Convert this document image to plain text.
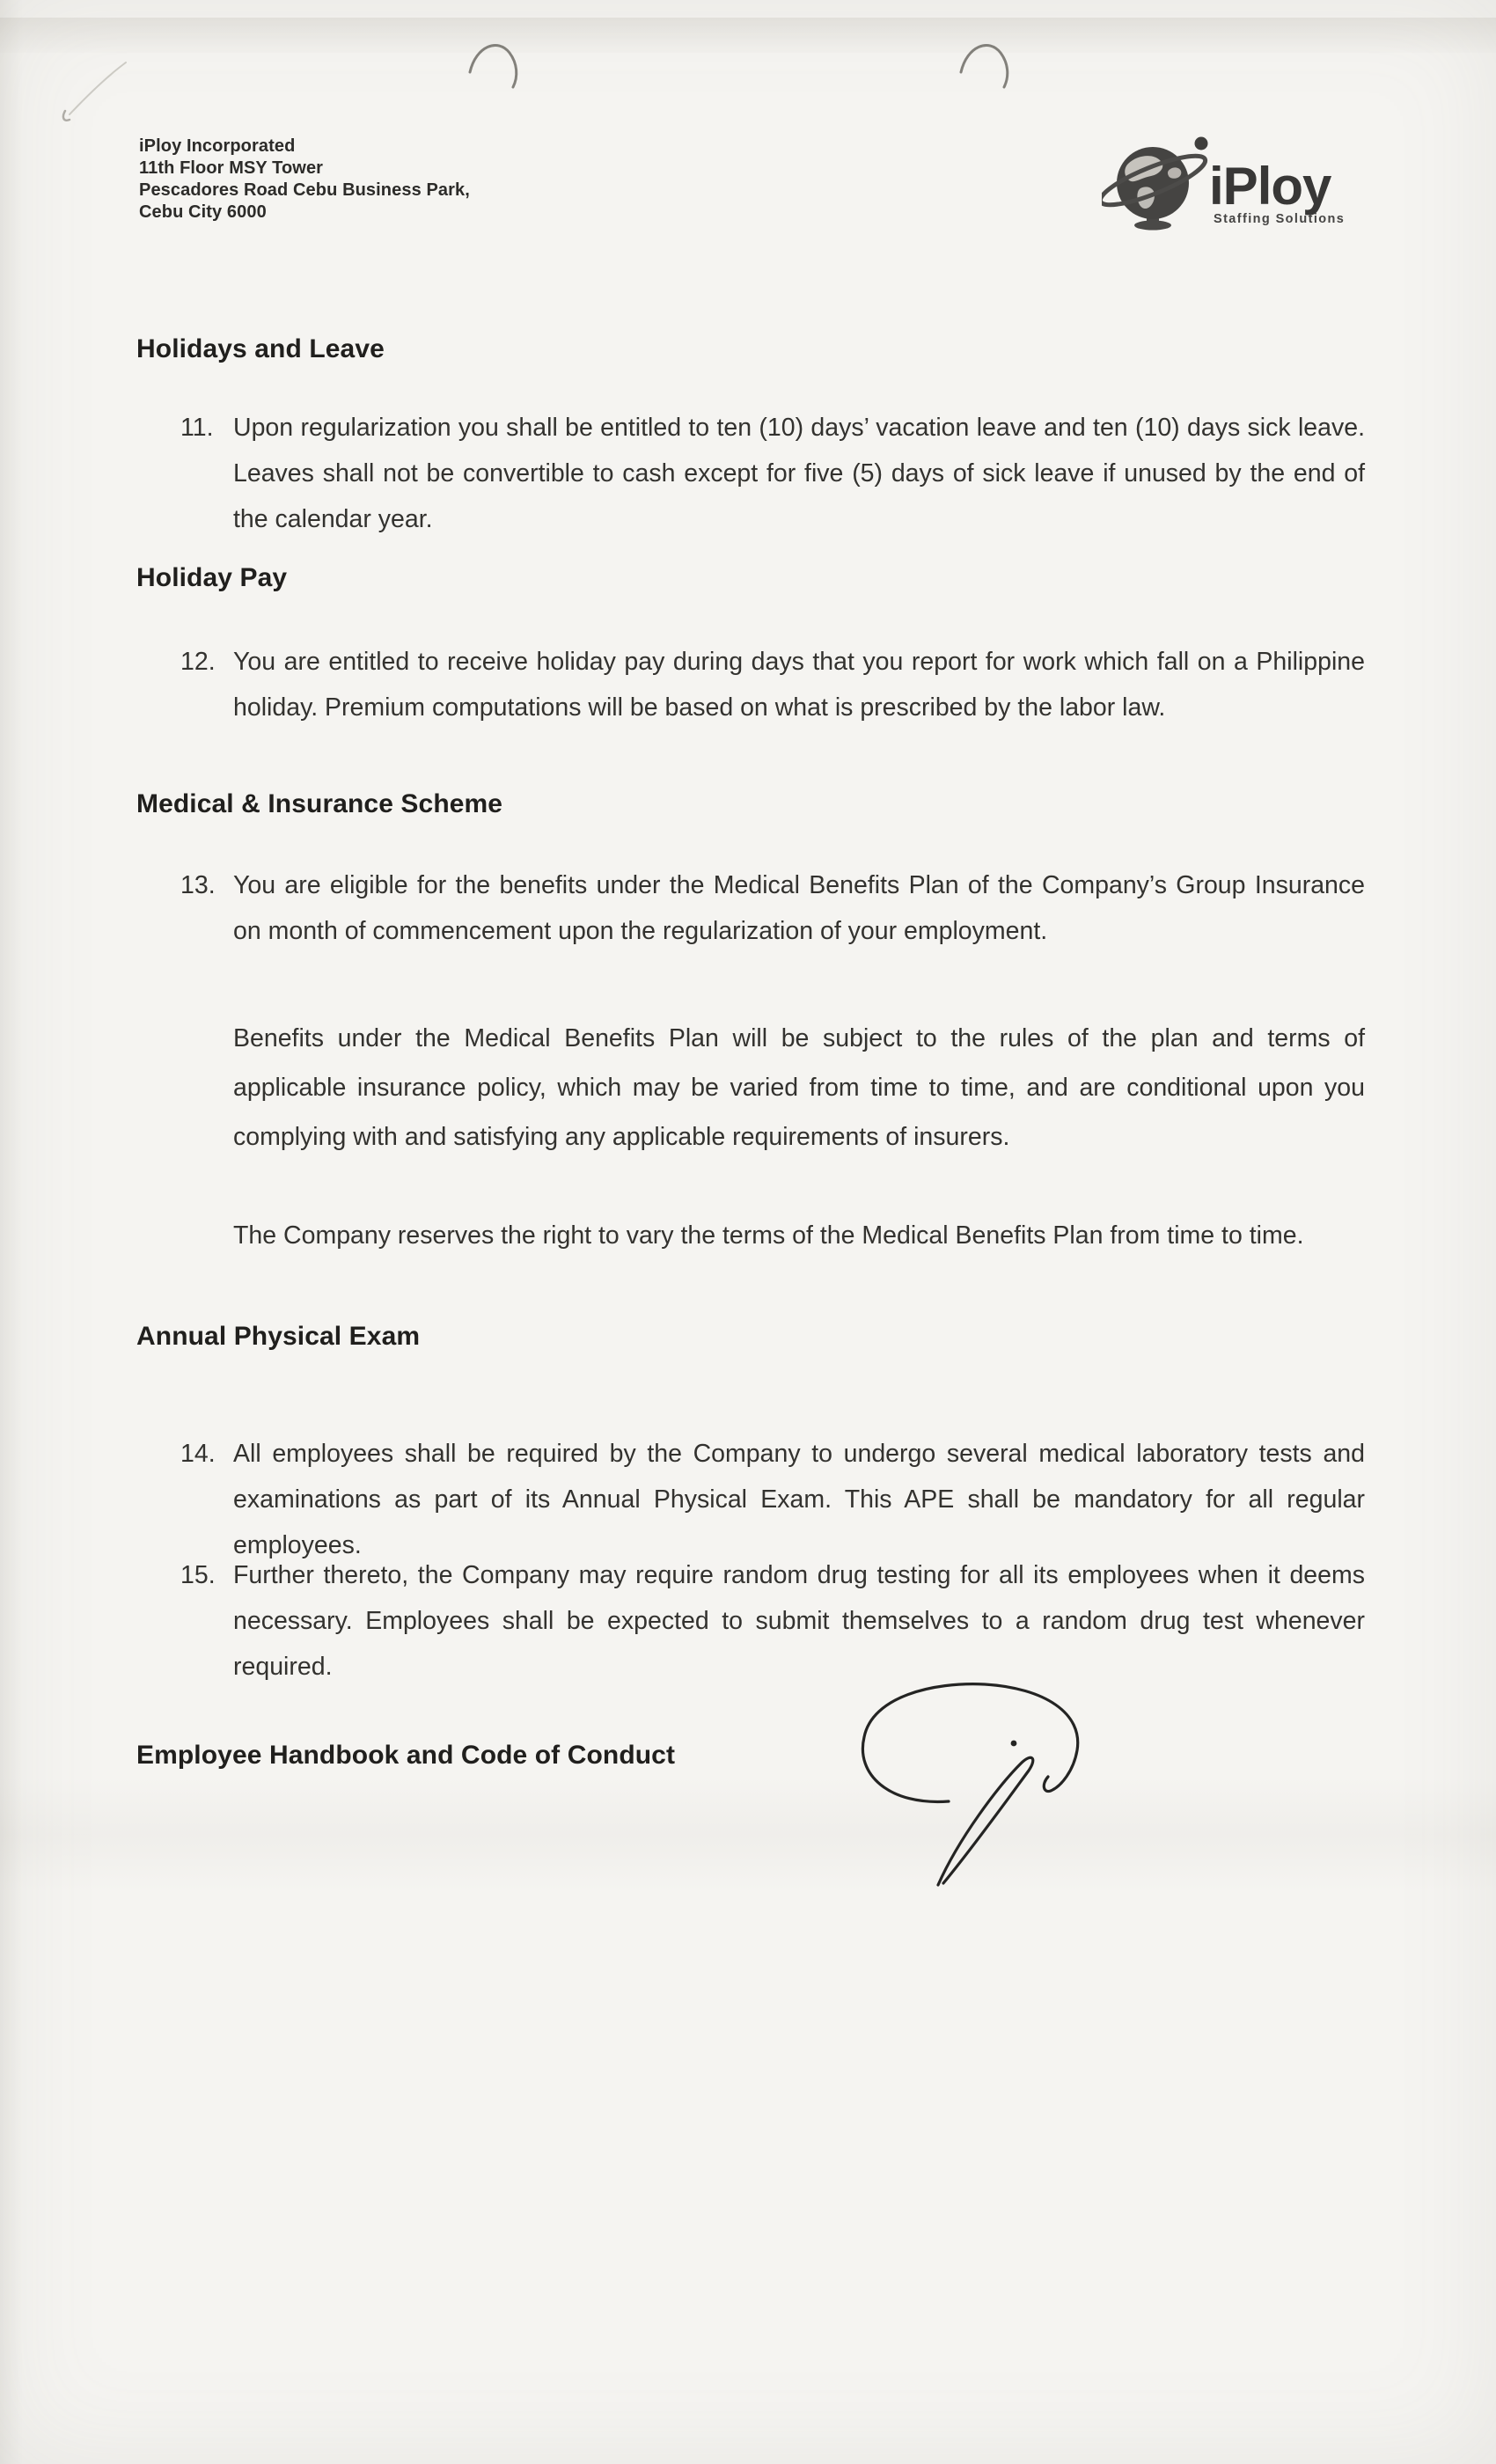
iPloy Incorporated
11th Floor MSY Tower
Pescadores Road Cebu Business Park,
Cebu City 6000	iPloy
Staffing Solutions
Holidays and Leave
Holiday Pay
Medical & Insurance Scheme
Annual Physical Exam
Employee Handbook and Code of Conduct
11. Upon regularization you shall be entitled to ten (10) days’ vacation leave and ten (10) days sick leave. Leaves shall not be convertible to cash except for five (5) days of sick leave if unused by the end of the calendar year.
12. You are entitled to receive holiday pay during days that you report for work which fall on a Philippine holiday. Premium computations will be based on what is prescribed by the labor law.
13. You are eligible for the benefits under the Medical Benefits Plan of the Company’s Group Insurance on month of commencement upon the regularization of your employment.
Benefits under the Medical Benefits Plan will be subject to the rules of the plan and terms of applicable insurance policy, which may be varied from time to time, and are conditional upon you complying with and satisfying any applicable requirements of insurers.
The Company reserves the right to vary the terms of the Medical Benefits Plan from time to time.
14. All employees shall be required by the Company to undergo several medical laboratory tests and examinations as part of its Annual Physical Exam. This APE shall be mandatory for all regular employees.
15. Further thereto, the Company may require random drug testing for all its employees when it deems necessary. Employees shall be expected to submit themselves to a random drug test whenever required.
